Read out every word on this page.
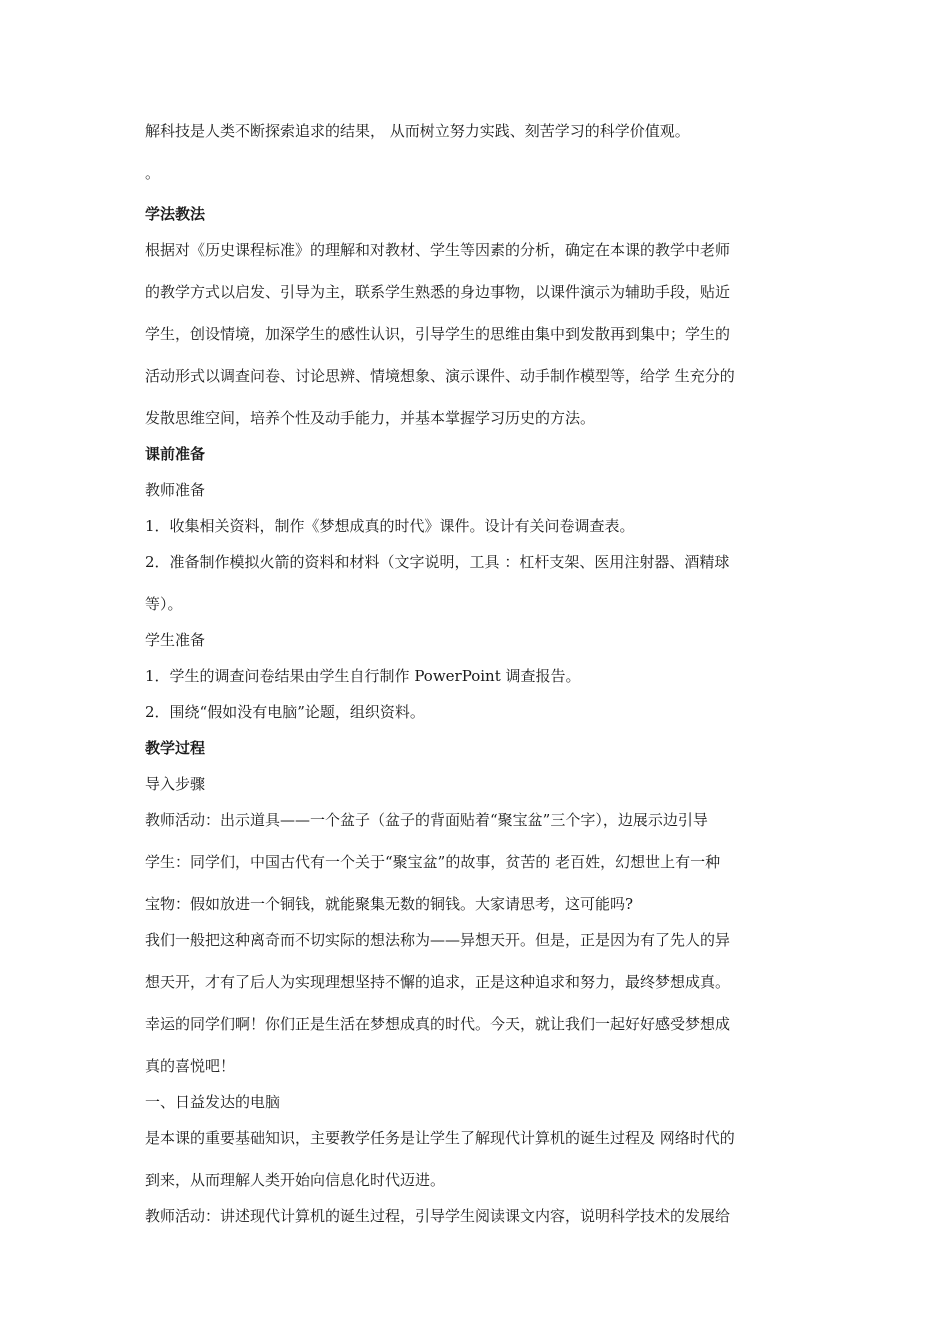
解科技是人类不断探索追求的结果， 从而树立努力实践、刻苦学习的科学价值观。
。
学法教法
根据对《历史课程标准》的理解和对教材、学生等因素的分析，确定在本课的教学中老师
的教学方式以启发、引导为主，联系学生熟悉的身边事物，以课件演示为辅助手段，贴近
学生，创设情境，加深学生的感性认识，引导学生的思维由集中到发散再到集中；学生的
活动形式以调查问卷、讨论思辨、情境想象、演示课件、动手制作模型等，给学 生充分的
发散思维空间，培养个性及动手能力，并基本掌握学习历史的方法。
课前准备
教师准备
1．收集相关资料，制作《梦想成真的时代》课件。设计有关问卷调查表。
2．准备制作模拟火箭的资料和材料（文字说明，工具 ：杠杆支架、医用注射器、酒精球
等）。
学生准备
1．学生的调查问卷结果由学生自行制作 PowerPoint 调查报告。
2．围绕“假如没有电脑”论题，组织资料。
教学过程
导入步骤
教师活动：出示道具——一个盆子（盆子的背面贴着“聚宝盆”三个字），边展示边引导
学生：同学们，中国古代有一个关于“聚宝盆”的故事，贫苦的 老百姓，幻想世上有一种
宝物：假如放进一个铜钱，就能聚集无数的铜钱。大家请思考，这可能吗?
我们一般把这种离奇而不切实际的想法称为——异想天开。但是，正是因为有了先人的异
想天开，才有了后人为实现理想坚持不懈的追求，正是这种追求和努力，最终梦想成真。
幸运的同学们啊！你们正是生活在梦想成真的时代。今天，就让我们一起好好感受梦想成
真的喜悦吧！
一、日益发达的电脑
是本课的重要基础知识，主要教学任务是让学生了解现代计算机的诞生过程及 网络时代的
到来，从而理解人类开始向信息化时代迈进。
教师活动：讲述现代计算机的诞生过程，引导学生阅读课文内容，说明科学技术的发展给
